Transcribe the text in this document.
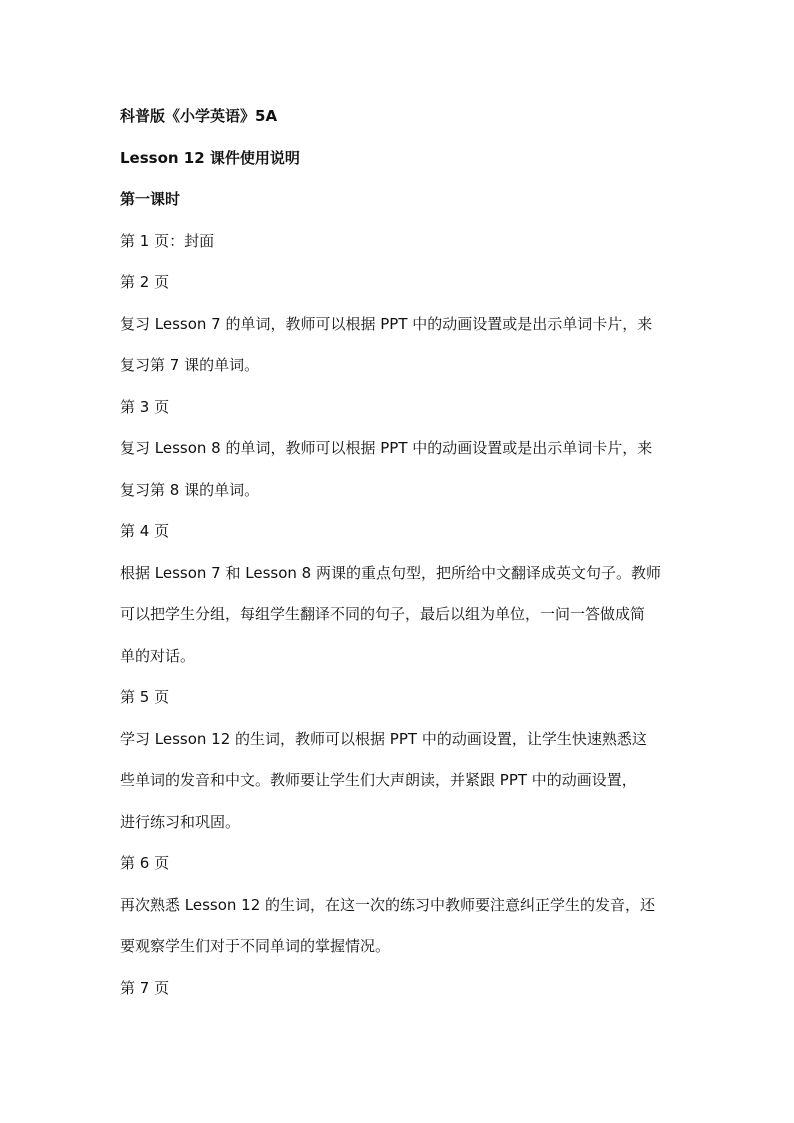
科普版《小学英语》5A
Lesson 12 课件使用说明
第一课时
第 1 页：封面
第 2 页
复习 Lesson 7 的单词，教师可以根据 PPT 中的动画设置或是出示单词卡片，来
复习第 7 课的单词。
第 3 页
复习 Lesson 8 的单词，教师可以根据 PPT 中的动画设置或是出示单词卡片，来
复习第 8 课的单词。
第 4 页
根据 Lesson 7 和 Lesson 8 两课的重点句型，把所给中文翻译成英文句子。教师
可以把学生分组，每组学生翻译不同的句子，最后以组为单位，一问一答做成简
单的对话。
第 5 页
学习 Lesson 12 的生词，教师可以根据 PPT 中的动画设置，让学生快速熟悉这
些单词的发音和中文。教师要让学生们大声朗读，并紧跟 PPT 中的动画设置，
进行练习和巩固。
第 6 页
再次熟悉 Lesson 12 的生词，在这一次的练习中教师要注意纠正学生的发音，还
要观察学生们对于不同单词的掌握情况。
第 7 页
